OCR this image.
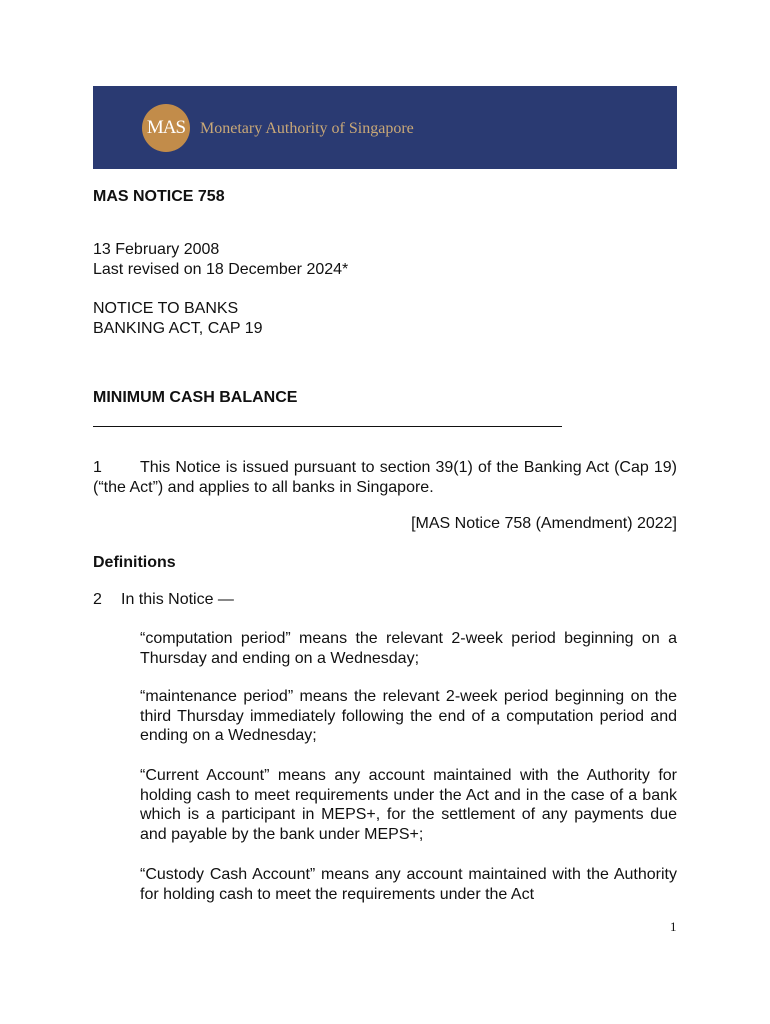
MAS Monetary Authority of Singapore

MAS NOTICE 758

13 February 2008

Last revised on 18 December 2024*

NOTICE TO BANKS

BANKING ACT, CAP 19

MINIMUM CASH BALANCE

1 This Notice is issued pursuant to section 39(1) of the Banking Act (Cap 19) (“the Act”) and applies to all banks in Singapore.
[MAS Notice 758 (Amendment) 2022]

Definitions

2 In this Notice —

“computation period” means the relevant 2-week period beginning on a Thursday and ending on a Wednesday;

“maintenance period” means the relevant 2-week period beginning on the third Thursday immediately following the end of a computation period and ending on a Wednesday;

“Current Account” means any account maintained with the Authority for holding cash to meet requirements under the Act and in the case of a bank which is a participant in MEPS+, for the settlement of any payments due and payable by the bank under MEPS+;

“Custody Cash Account” means any account maintained with the Authority for holding cash to meet the requirements under the Act

1
